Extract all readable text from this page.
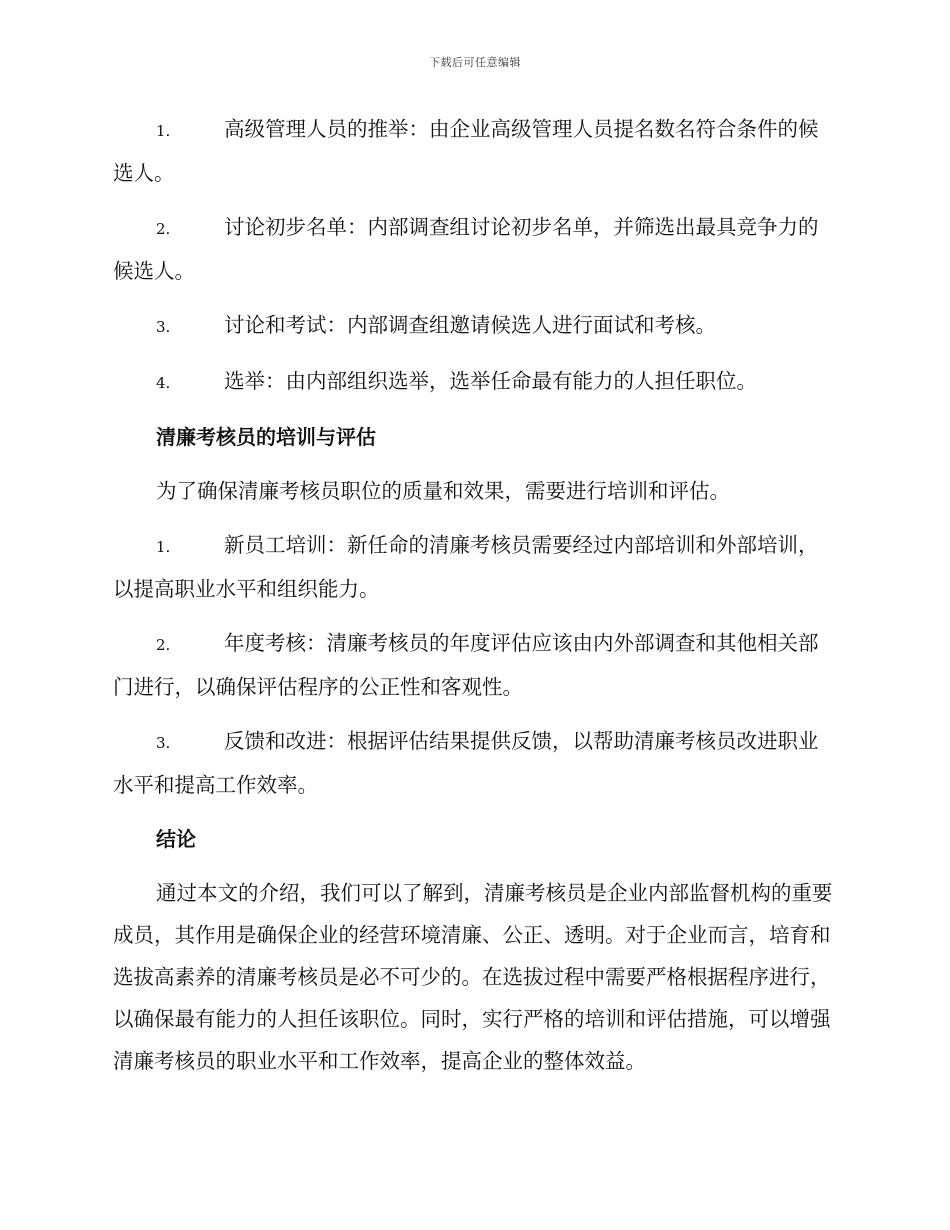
下载后可任意编辑

1.	高级管理人员的推举：由企业高级管理人员提名数名符合条件的候选人。

2.	讨论初步名单：内部调查组讨论初步名单，并筛选出最具竞争力的候选人。

3.	讨论和考试：内部调查组邀请候选人进行面试和考核。

4.	选举：由内部组织选举，选举任命最有能力的人担任职位。

清廉考核员的培训与评估

为了确保清廉考核员职位的质量和效果，需要进行培训和评估。

1.	新员工培训：新任命的清廉考核员需要经过内部培训和外部培训，以提高职业水平和组织能力。

2.	年度考核：清廉考核员的年度评估应该由内外部调查和其他相关部门进行，以确保评估程序的公正性和客观性。

3.	反馈和改进：根据评估结果提供反馈，以帮助清廉考核员改进职业水平和提高工作效率。

结论

通过本文的介绍，我们可以了解到，清廉考核员是企业内部监督机构的重要成员，其作用是确保企业的经营环境清廉、公正、透明。对于企业而言，培育和选拔高素养的清廉考核员是必不可少的。在选拔过程中需要严格根据程序进行，以确保最有能力的人担任该职位。同时，实行严格的培训和评估措施，可以增强清廉考核员的职业水平和工作效率，提高企业的整体效益。
